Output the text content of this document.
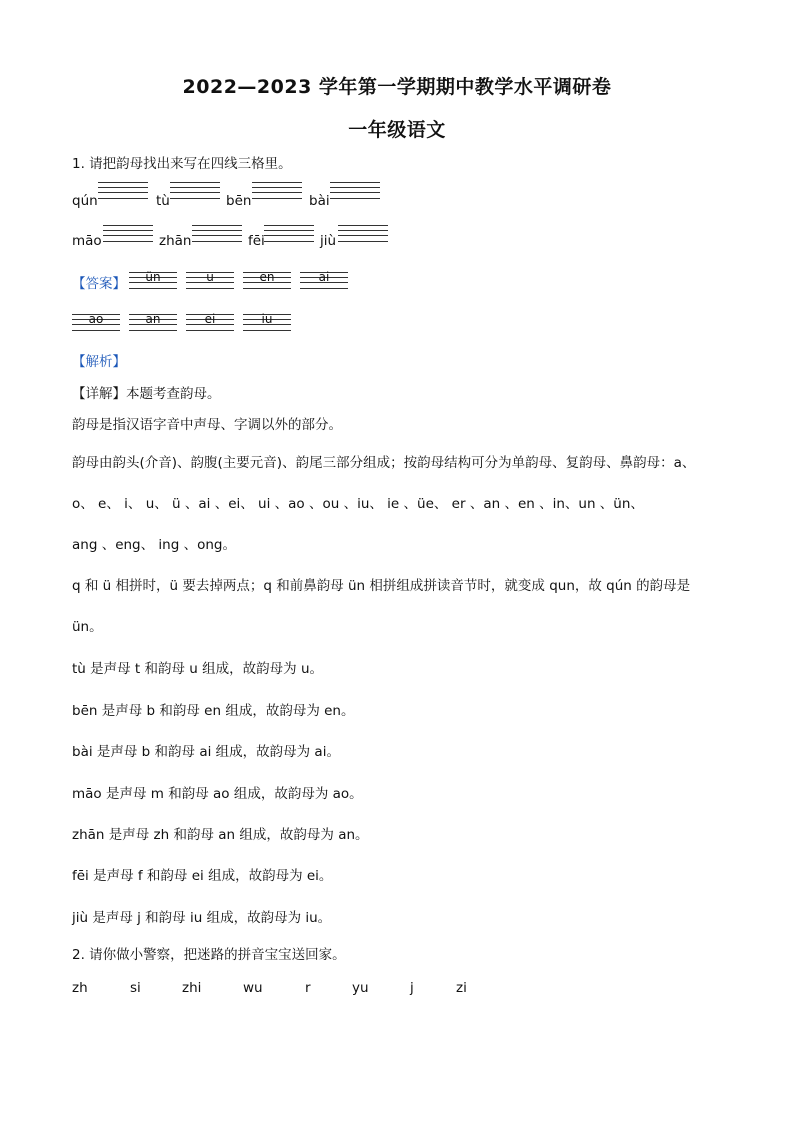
2022—2023 学年第一学期期中教学水平调研卷
一年级语文
1. 请把韵母找出来写在四线三格里。
qún	tù	bēn	bài
māo	zhān	fēi	jiù
【答案】	ün	u	en	ai
ao	an	ei	iu
【解析】
【详解】本题考查韵母。
韵母是指汉语字音中声母、字调以外的部分。
韵母由韵头(介音)、韵腹(主要元音)、韵尾三部分组成；按韵母结构可分为单韵母、复韵母、鼻韵母：a、
o、 e、 i、 u、 ü 、ai 、ei、 ui 、ao 、ou 、iu、 ie 、üe、 er 、an 、en 、in、un 、ün、
ang 、eng、 ing 、ong。
q 和 ü 相拼时，ü 要去掉两点；q 和前鼻韵母 ün 相拼组成拼读音节时，就变成 qun，故 qún 的韵母是
ün。
tù 是声母 t 和韵母 u 组成，故韵母为 u。
bēn 是声母 b 和韵母 en 组成，故韵母为 en。
bài 是声母 b 和韵母 ai 组成，故韵母为 ai。
māo 是声母 m 和韵母 ao 组成，故韵母为 ao。
zhān 是声母 zh 和韵母 an 组成，故韵母为 an。
fēi 是声母 f 和韵母 ei 组成，故韵母为 ei。
jiù 是声母 j 和韵母 iu 组成，故韵母为 iu。
2. 请你做小警察，把迷路的拼音宝宝送回家。
zh	si	zhi	wu	r	yu	j	zi
